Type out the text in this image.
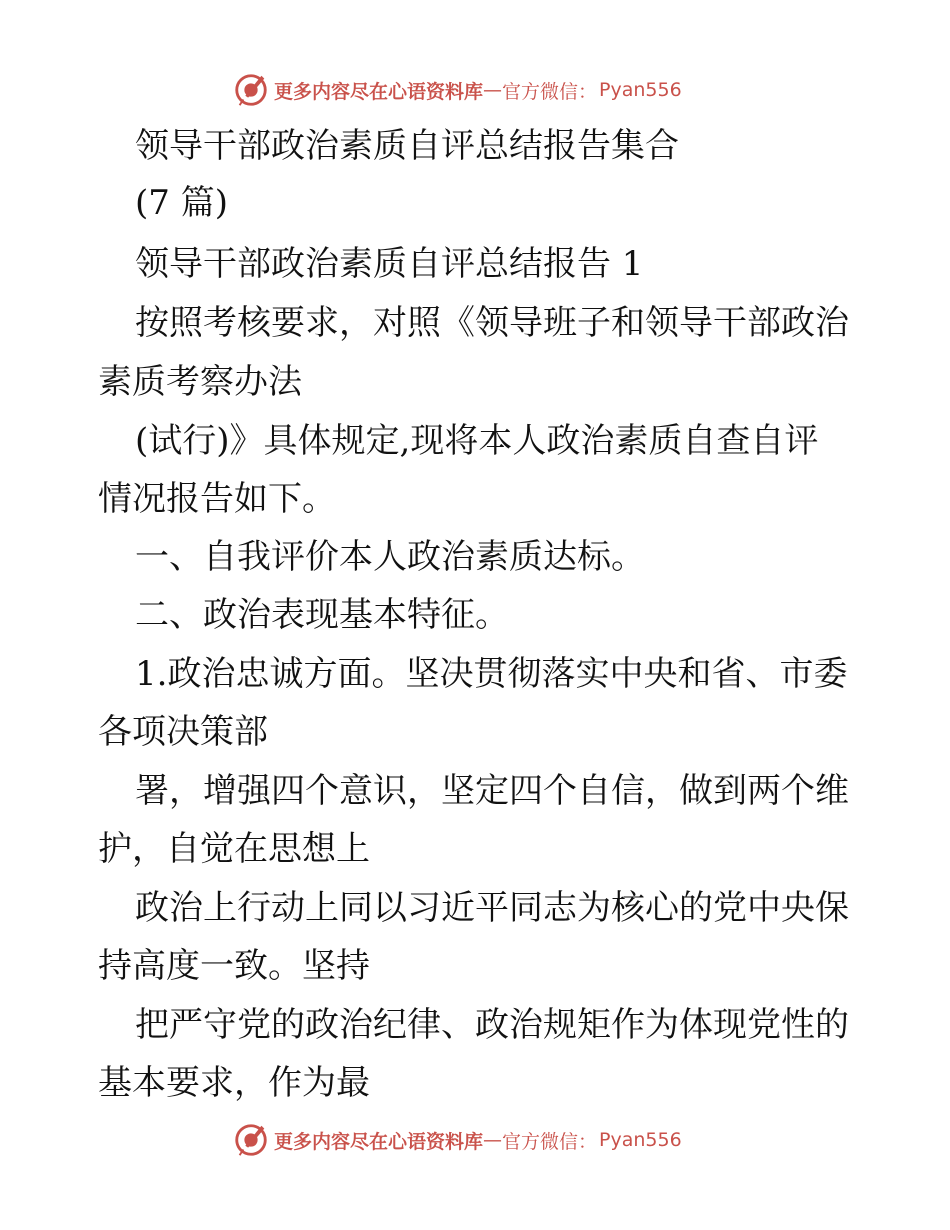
更多内容尽在心语资料库 — 官方微信： Pyan556
领导干部政治素质自评总结报告集合
(7 篇)
领导干部政治素质自评总结报告 1
按照考核要求，对照《领导班子和领导干部政治
素质考察办法
(试行)》具体规定,现将本人政治素质自查自评
情况报告如下。
一、自我评价本人政治素质达标。
二、政治表现基本特征。
1.政治忠诚方面。坚决贯彻落实中央和省、市委
各项决策部
署，增强四个意识，坚定四个自信，做到两个维
护，自觉在思想上
政治上行动上同以习近平同志为核心的党中央保
持高度一致。坚持
把严守党的政治纪律、政治规矩作为体现党性的
基本要求，作为最
更多内容尽在心语资料库 — 官方微信： Pyan556
